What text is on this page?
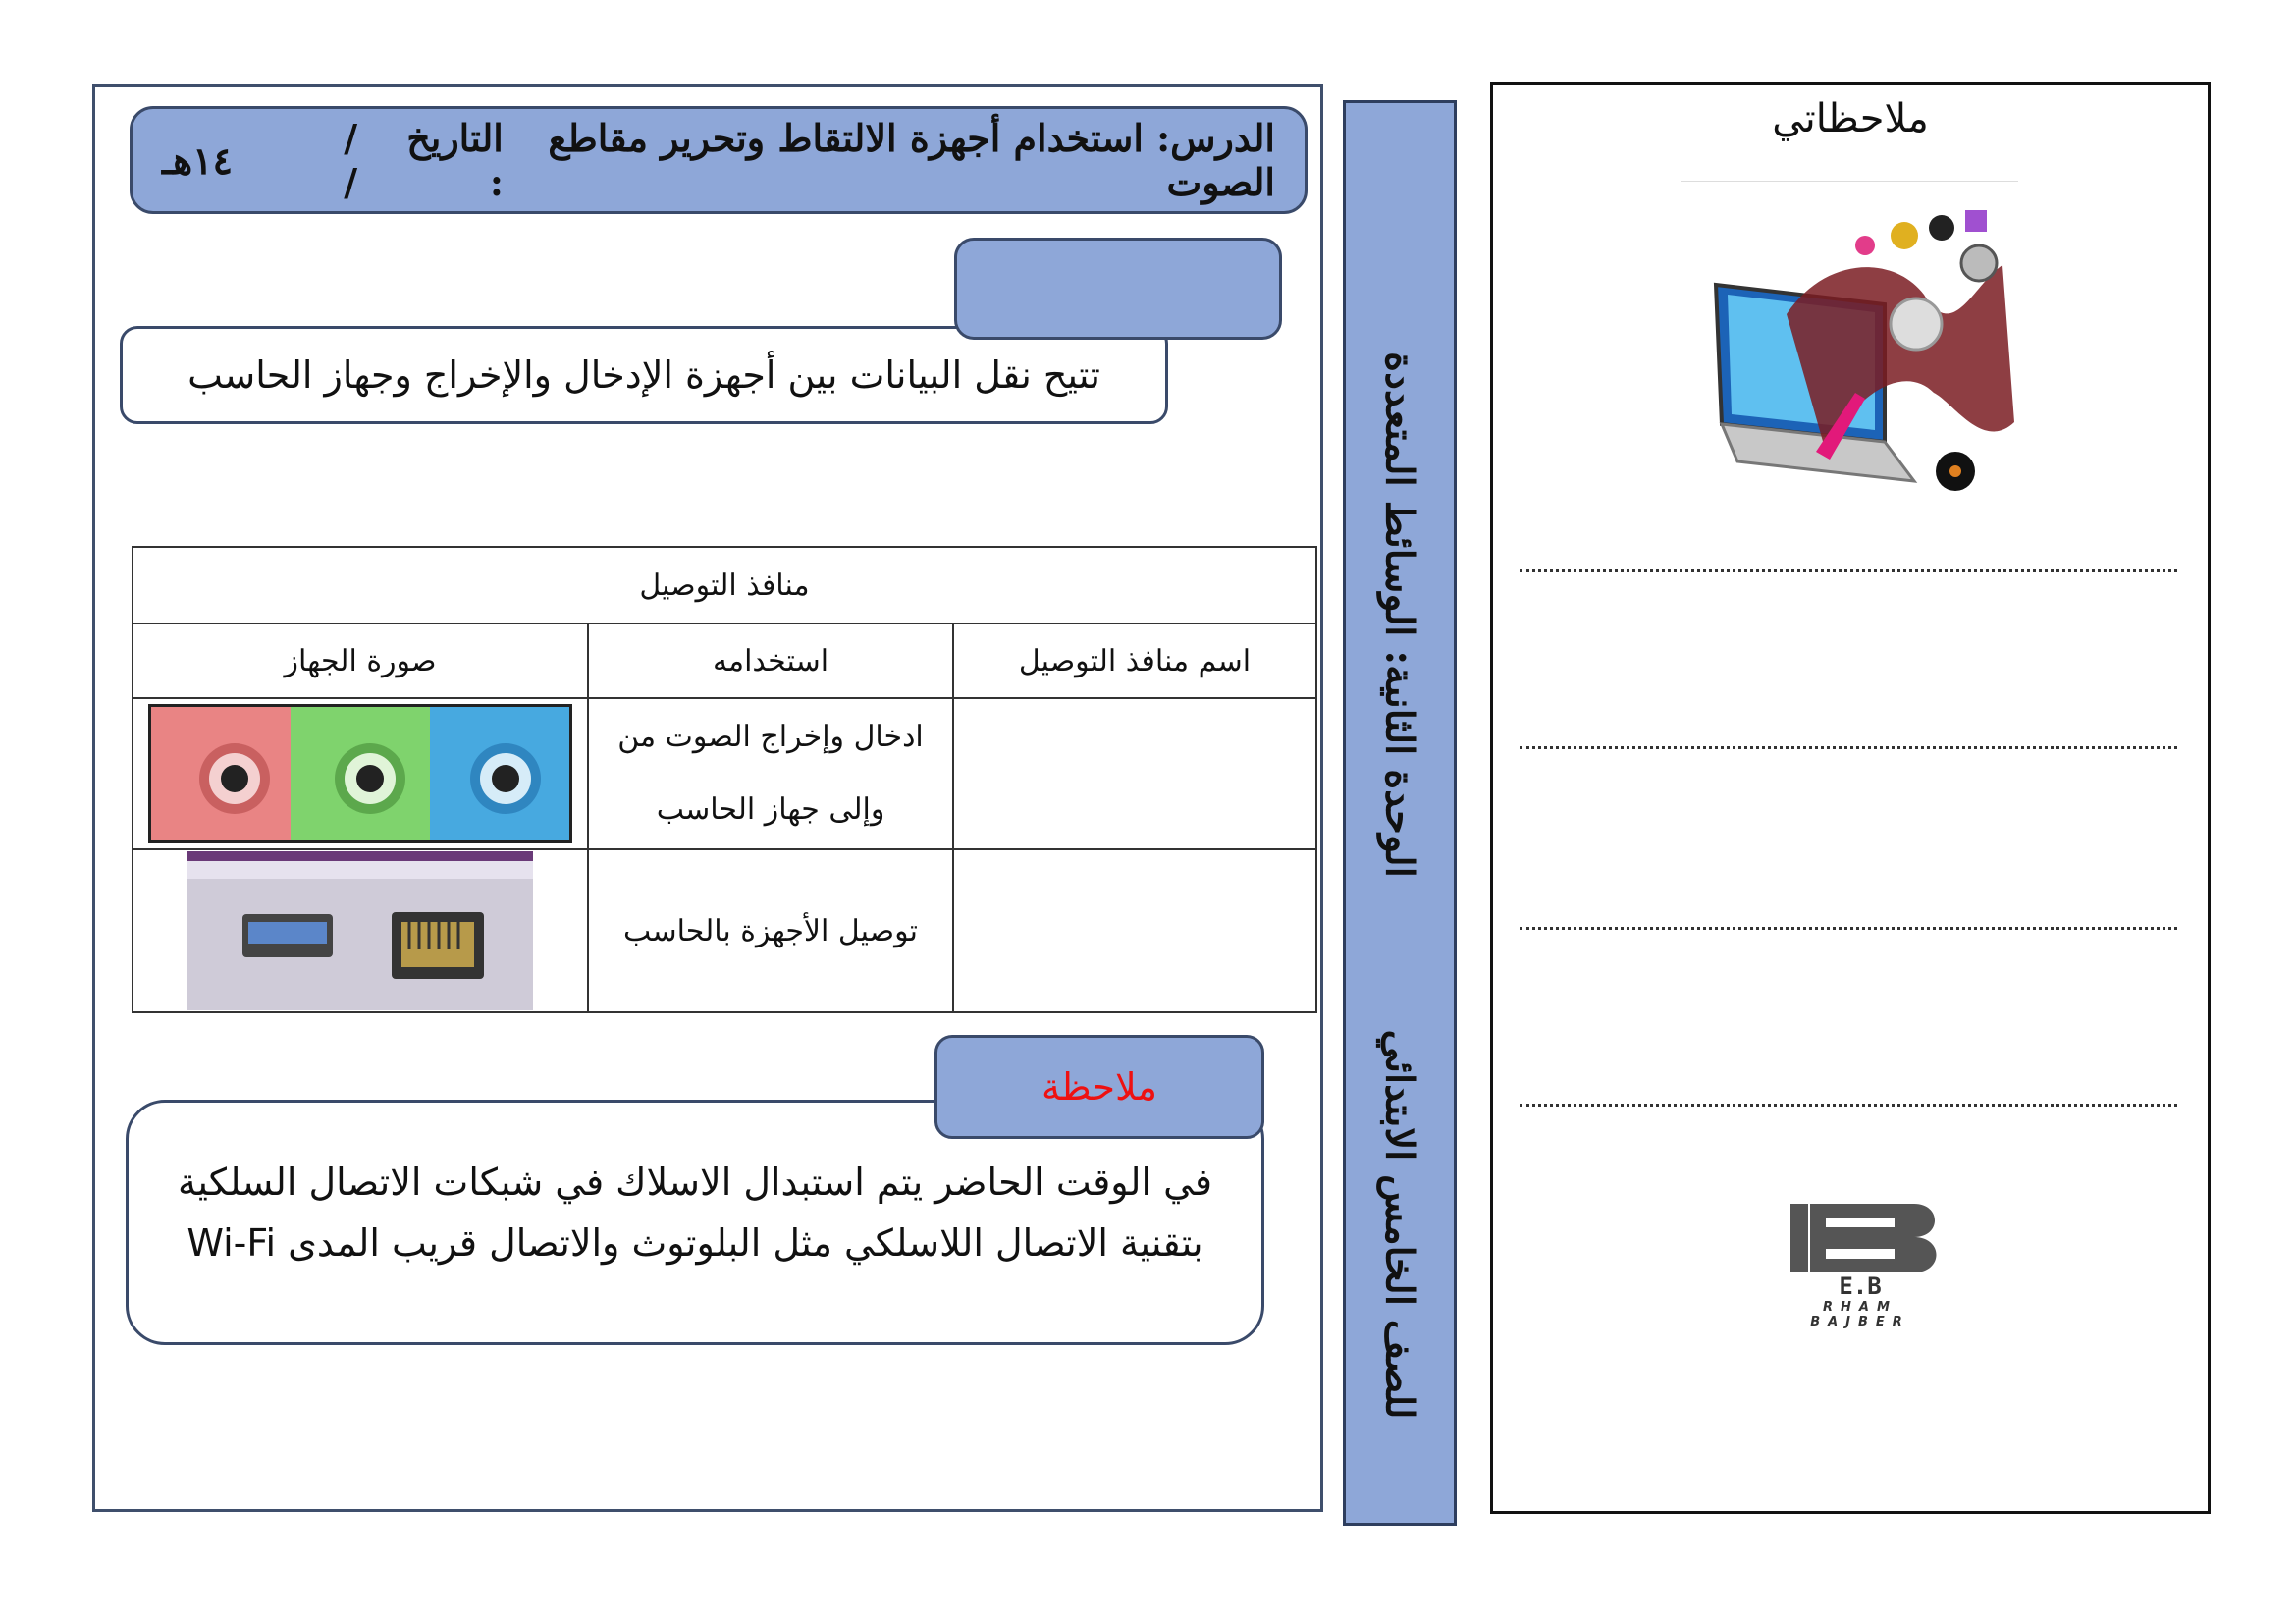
الدرس: استخدام أجهزة الالتقاط وتحرير مقاطع الصوت
التاريخ :
/ /
١٤هـ
تتيح نقل البيانات بين أجهزة الإدخال والإخراج وجهاز الحاسب
منافذ التوصيل		
اسم منافذ التوصيل	استخدامه	صورة الجهاز
	ادخال وإخراج الصوت من وإلى جهاز الحاسب	

	توصيل الأجهزة بالحاسب	
في الوقت الحاضر يتم استبدال الاسلاك في شبكات الاتصال السلكية بتقنية الاتصال اللاسلكي مثل البلوتوث والاتصال قريب المدى Wi-Fi
ملاحظة
الوحدة الثانية: الوسائط المتعددة
للصف الخامس الابتدائي
ملاحظاتي
E.B
RHAM BAJBER
